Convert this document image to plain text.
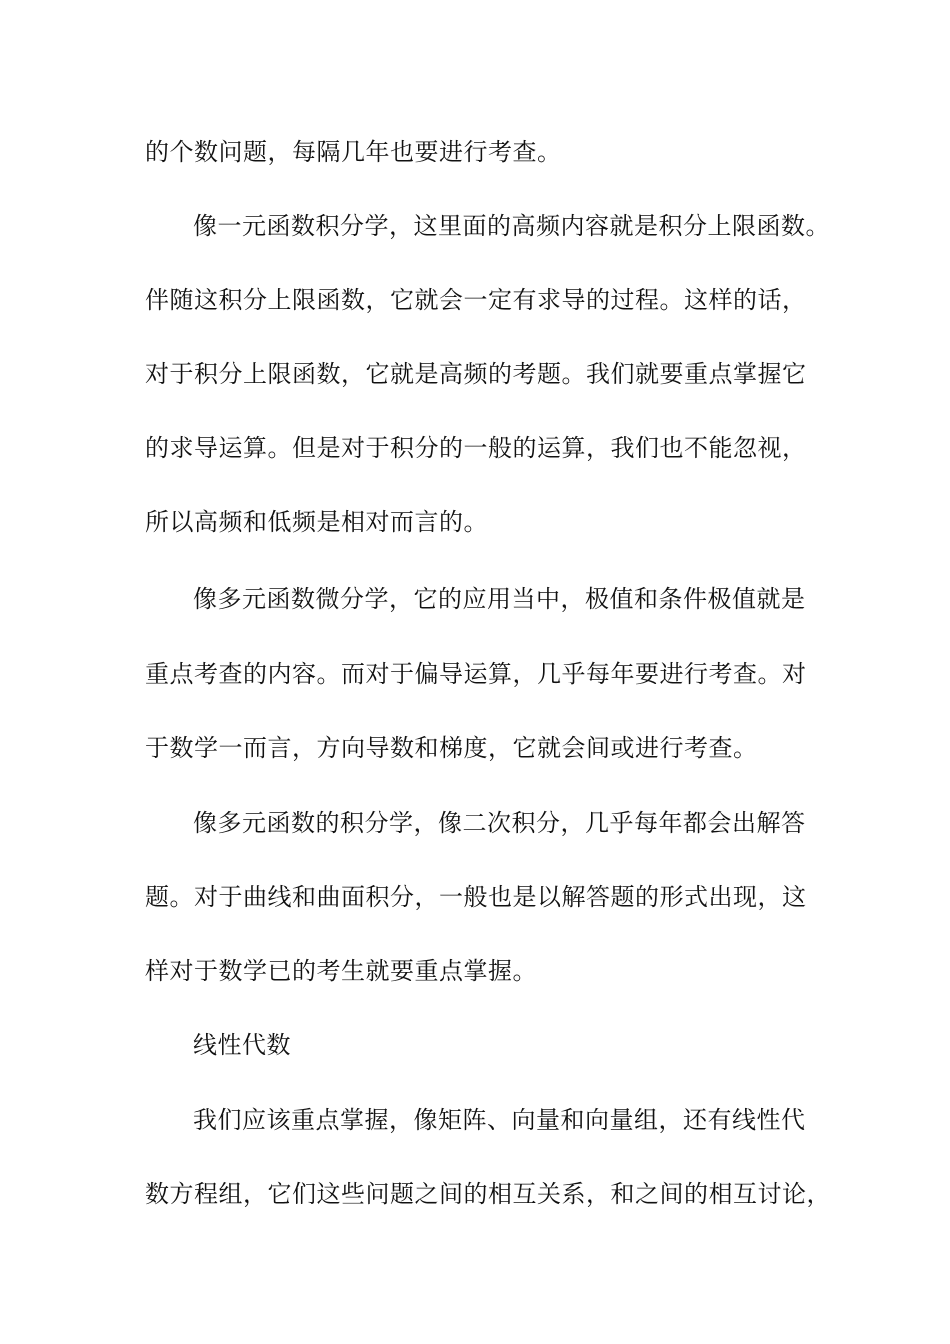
的个数问题，每隔几年也要进行考查。

像一元函数积分学，这里面的高频内容就是积分上限函数。

伴随这积分上限函数，它就会一定有求导的过程。这样的话，

对于积分上限函数，它就是高频的考题。我们就要重点掌握它

的求导运算。但是对于积分的一般的运算，我们也不能忽视，

所以高频和低频是相对而言的。

像多元函数微分学，它的应用当中，极值和条件极值就是

重点考查的内容。而对于偏导运算，几乎每年要进行考查。对

于数学一而言，方向导数和梯度，它就会间或进行考查。

像多元函数的积分学，像二次积分，几乎每年都会出解答

题。对于曲线和曲面积分，一般也是以解答题的形式出现，这

样对于数学已的考生就要重点掌握。

线性代数

我们应该重点掌握，像矩阵、向量和向量组，还有线性代

数方程组，它们这些问题之间的相互关系，和之间的相互讨论，
